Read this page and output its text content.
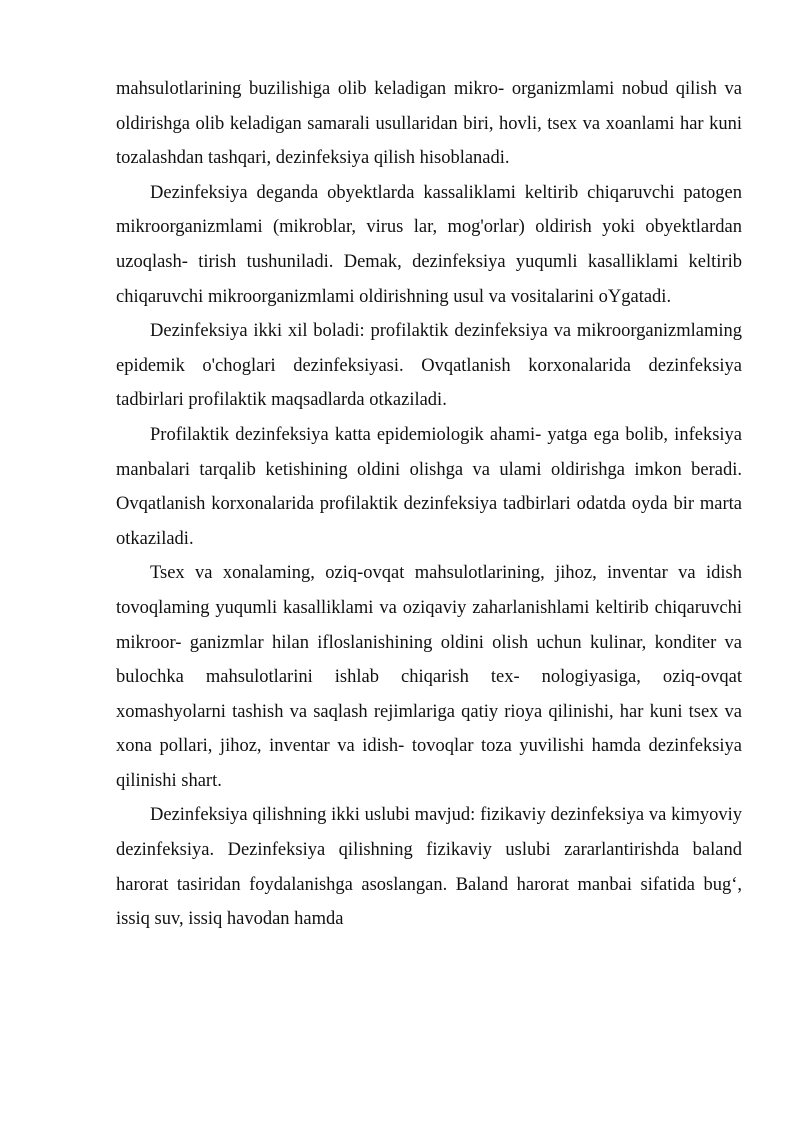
mahsulotlarining buzilishiga olib keladigan mikro- organizmlami nobud qilish va oldirishga olib keladigan samarali usullaridan biri, hovli, tsex va xoanlami har kuni tozalashdan tashqari, dezinfeksiya qilish hisoblanadi.

Dezinfeksiya deganda obyektlarda kassaliklami keltirib chiqaruvchi patogen mikroorganizmlami (mikroblar, virus lar, mog'orlar) oldirish yoki obyektlardan uzoqlash- tirish tushuniladi. Demak, dezinfeksiya yuqumli kasalliklami keltirib chiqaruvchi mikroorganizmlami oldirishning usul va vositalarini oYgatadi.

Dezinfeksiya ikki xil boladi: profilaktik dezinfeksiya va mikroorganizmlaming epidemik o'choglari dezinfeksiyasi. Ovqatlanish korxonalarida dezinfeksiya tadbirlari profilaktik maqsadlarda otkaziladi.

Profilaktik dezinfeksiya katta epidemiologik ahami- yatga ega bolib, infeksiya manbalari tarqalib ketishining oldini olishga va ulami oldirishga imkon beradi. Ovqatlanish korxonalarida profilaktik dezinfeksiya tadbirlari odatda oyda bir marta otkaziladi.

Tsex va xonalaming, oziq-ovqat mahsulotlarining, jihoz, inventar va idish tovoqlaming yuqumli kasalliklami va oziqaviy zaharlanishlami keltirib chiqaruvchi mikroor- ganizmlar hilan ifloslanishining oldini olish uchun kulinar, konditer va bulochka mahsulotlarini ishlab chiqarish tex- nologiyasiga, oziq-ovqat xomashyolarni tashish va saqlash rejimlariga qatiy rioya qilinishi, har kuni tsex va xona pollari, jihoz, inventar va idish- tovoqlar toza yuvilishi hamda dezinfeksiya qilinishi shart.

Dezinfeksiya qilishning ikki uslubi mavjud: fizikaviy dezinfeksiya va kimyoviy dezinfeksiya. Dezinfeksiya qilishning fizikaviy uslubi zararlantirishda baland harorat tasiridan foydalanishga asoslangan. Baland harorat manbai sifatida bug‘, issiq suv, issiq havodan hamda
